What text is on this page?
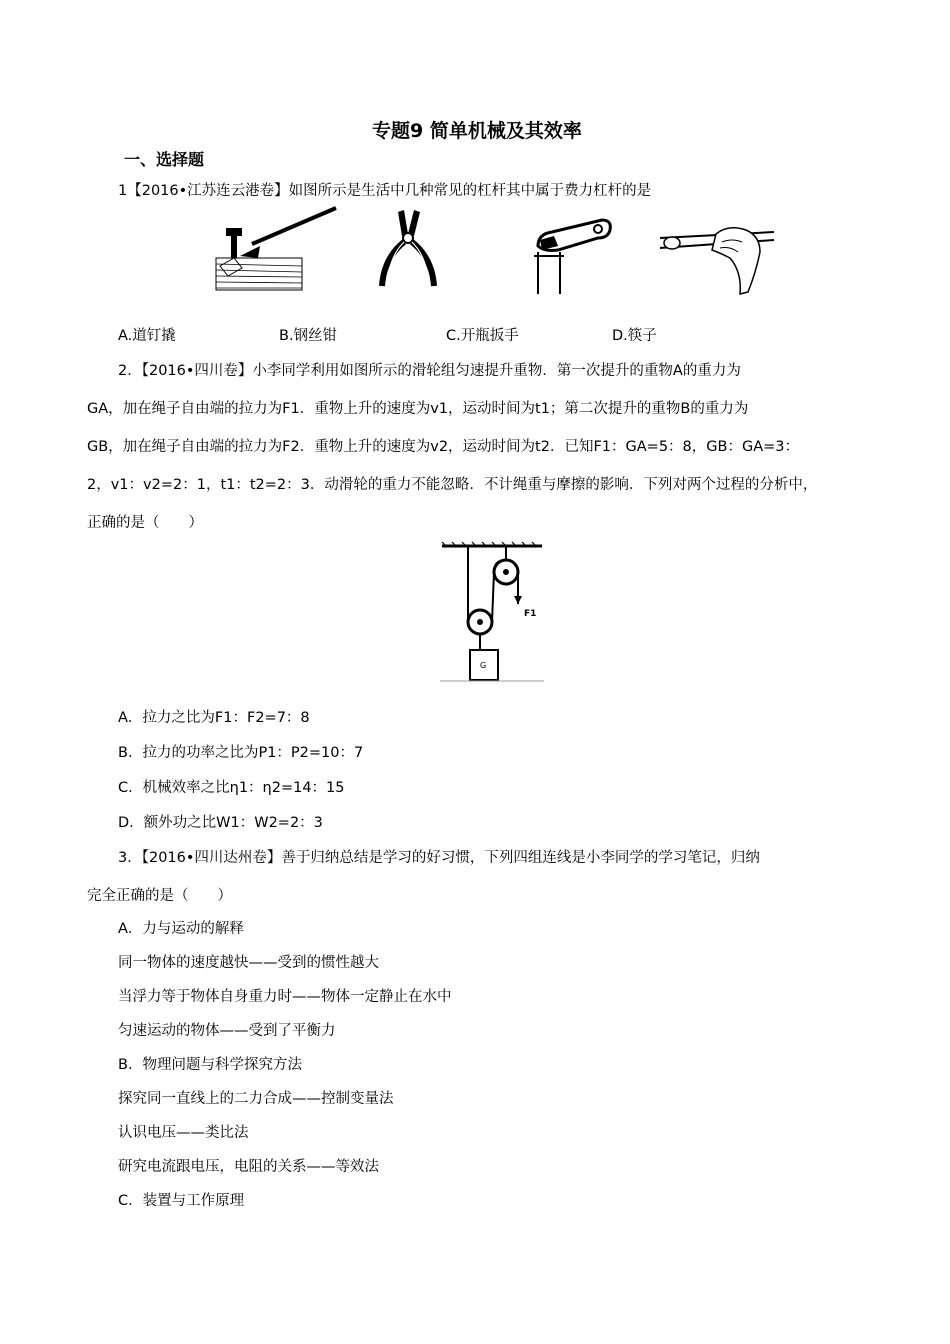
专题9 简单机械及其效率
一、选择题
1【2016•江苏连云港卷】如图所示是生活中几种常见的杠杆其中属于费力杠杆的是
A.道钉撬	B.钢丝钳	C.开瓶扳手	D.筷子
2．【2016•四川卷】小李同学利用如图所示的滑轮组匀速提升重物．第一次提升的重物A的重力为
GA，加在绳子自由端的拉力为F1．重物上升的速度为v1，运动时间为t1；第二次提升的重物B的重力为
GB，加在绳子自由端的拉力为F2．重物上升的速度为v2，运动时间为t2．已知F1：GA=5：8，GB：GA=3：
2，v1：v2=2：1，t1：t2=2：3．动滑轮的重力不能忽略．不计绳重与摩擦的影响．下列对两个过程的分析中，
正确的是（　　）
F1
G
A．拉力之比为F1：F2=7：8
B．拉力的功率之比为P1：P2=10：7
C．机械效率之比η1：η2=14：15
D．额外功之比W1：W2=2：3
3．【2016•四川达州卷】善于归纳总结是学习的好习惯，下列四组连线是小李同学的学习笔记，归纳
完全正确的是（　　）
A．力与运动的解释
同一物体的速度越快——受到的惯性越大
当浮力等于物体自身重力时——物体一定静止在水中
匀速运动的物体——受到了平衡力
B．物理问题与科学探究方法
探究同一直线上的二力合成——控制变量法
认识电压——类比法
研究电流跟电压，电阻的关系——等效法
C．装置与工作原理
